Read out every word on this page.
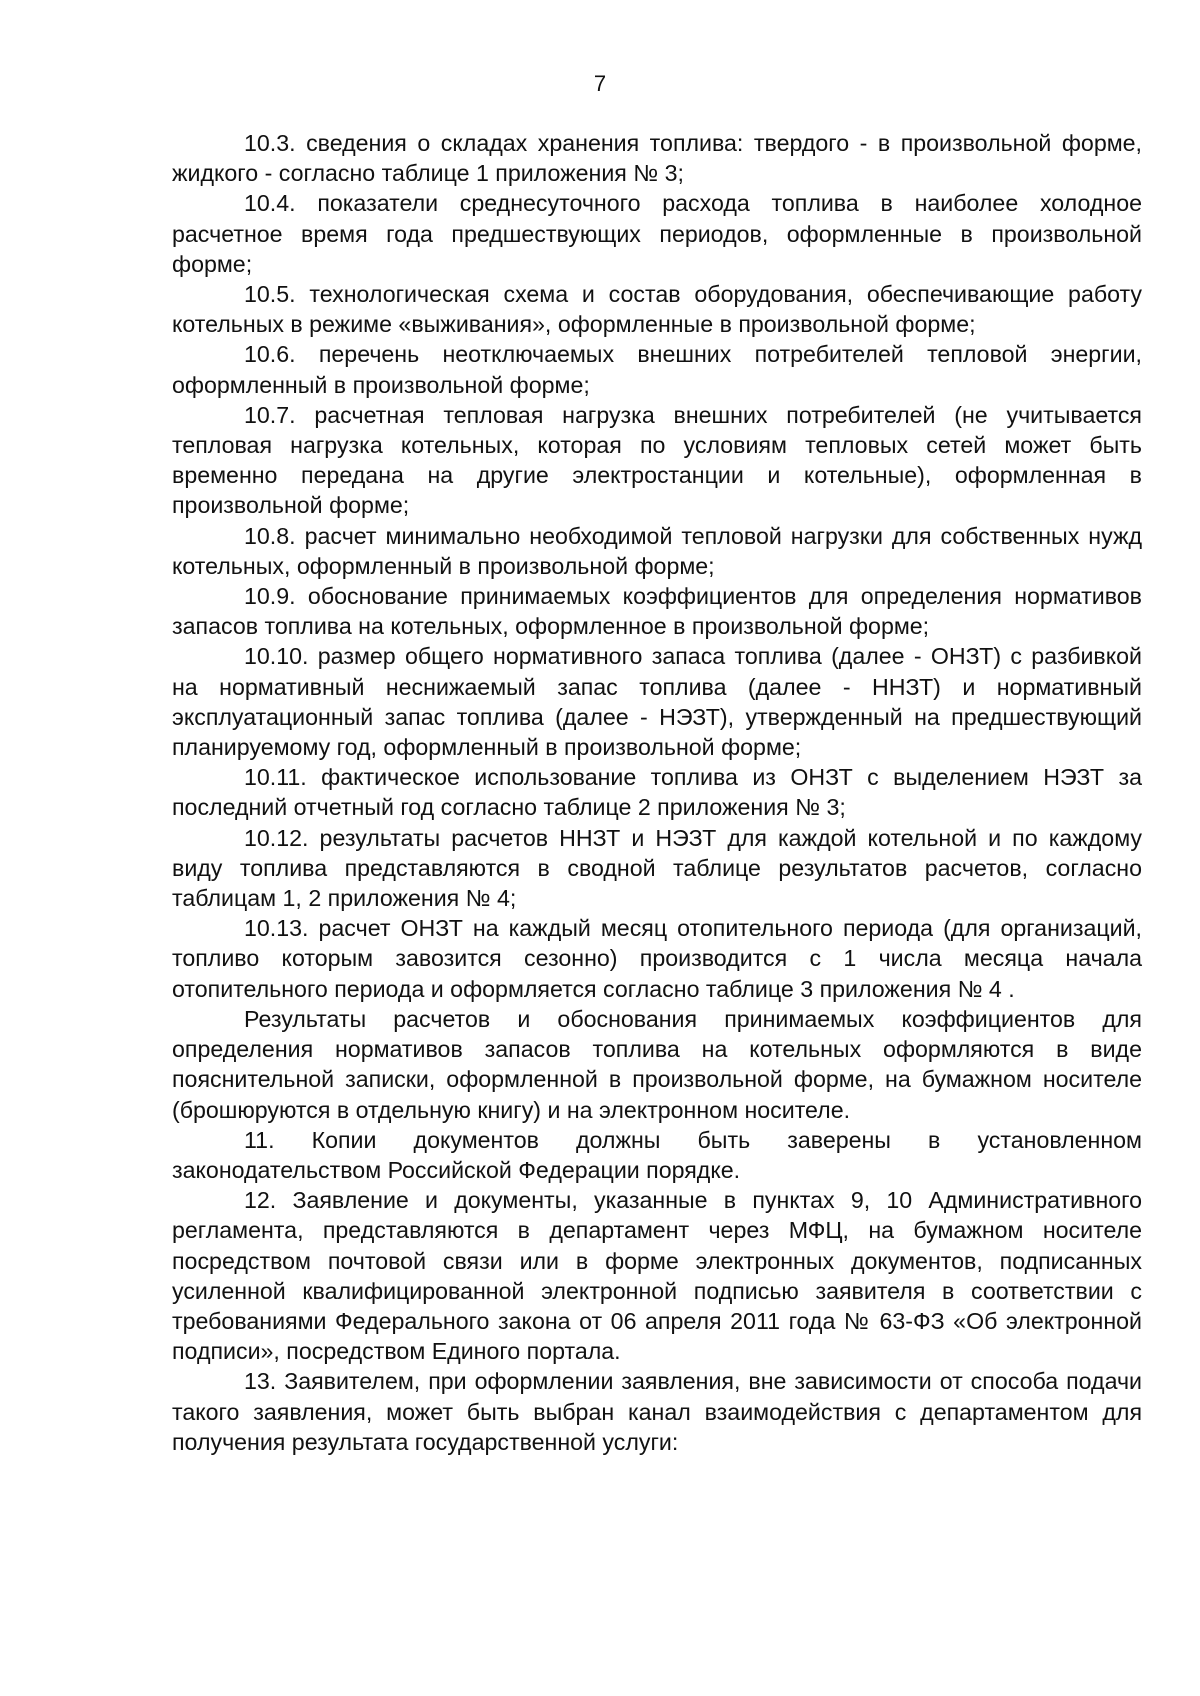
7

10.3. сведения о складах хранения топлива: твердого - в произвольной форме, жидкого - согласно таблице 1 приложения № 3;

10.4. показатели среднесуточного расхода топлива в наиболее холодное расчетное время года предшествующих периодов, оформленные в произвольной форме;

10.5. технологическая схема и состав оборудования, обеспечивающие работу котельных в режиме «выживания», оформленные в произвольной форме;

10.6. перечень неотключаемых внешних потребителей тепловой энергии, оформленный в произвольной форме;

10.7. расчетная тепловая нагрузка внешних потребителей (не учитывается тепловая нагрузка котельных, которая по условиям тепловых сетей может быть временно передана на другие электростанции и котельные), оформленная в произвольной форме;

10.8. расчет минимально необходимой тепловой нагрузки для собственных нужд котельных, оформленный в произвольной форме;

10.9. обоснование принимаемых коэффициентов для определения нормативов запасов топлива на котельных, оформленное в произвольной форме;

10.10. размер общего нормативного запаса топлива (далее - ОНЗТ) с разбивкой на нормативный неснижаемый запас топлива (далее - ННЗТ) и нормативный эксплуатационный запас топлива (далее - НЭЗТ), утвержденный на предшествующий планируемому год, оформленный в произвольной форме;

10.11. фактическое использование топлива из ОНЗТ с выделением НЭЗТ за последний отчетный год согласно таблице 2 приложения № 3;

10.12. результаты расчетов ННЗТ и НЭЗТ для каждой котельной и по каждому виду топлива представляются в сводной таблице результатов расчетов, согласно таблицам 1, 2 приложения № 4;

10.13. расчет ОНЗТ на каждый месяц отопительного периода (для организаций, топливо которым завозится сезонно) производится с 1 числа месяца начала отопительного периода и оформляется согласно таблице 3 приложения № 4 .

Результаты расчетов и обоснования принимаемых коэффициентов для определения нормативов запасов топлива на котельных оформляются в виде пояснительной записки, оформленной в произвольной форме, на бумажном носителе (брошюруются в отдельную книгу) и на электронном носителе.

11. Копии документов должны быть заверены в установленном законодательством Российской Федерации порядке.

12. Заявление и документы, указанные в пунктах 9, 10 Административного регламента, представляются в департамент через МФЦ, на бумажном носителе посредством почтовой связи или в форме электронных документов, подписанных усиленной квалифицированной электронной подписью заявителя в соответствии с требованиями Федерального закона от 06 апреля 2011 года № 63-ФЗ «Об электронной подписи», посредством Единого портала.

13. Заявителем, при оформлении заявления, вне зависимости от способа подачи такого заявления, может быть выбран канал взаимодействия с департаментом для получения результата государственной услуги:
